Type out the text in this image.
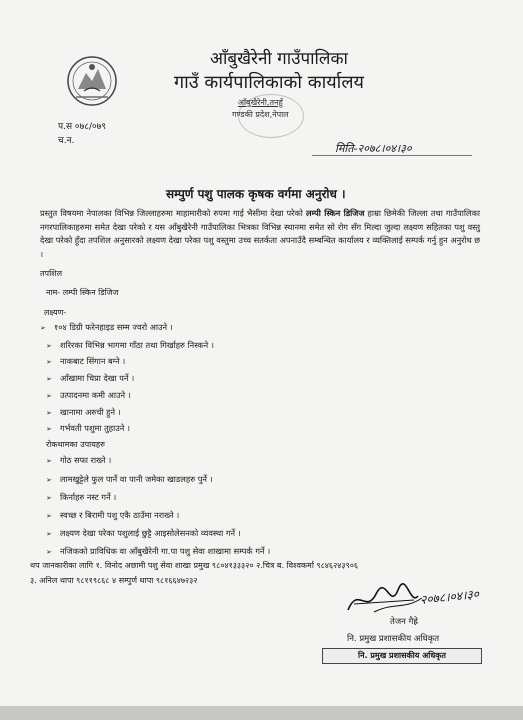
आँबुखैरेनी गाउँपालिका
गाउँ कार्यपालिकाको कार्यालय
आँबुखैरेनी,तनहुँ
गण्डकी प्रदेश,नेपाल
प.स ०७८/०७९
च.न.
मिति-२०७८।०४।३०
सम्पुर्ण पशु पालक कृषक वर्गमा अनुरोध ।
प्रस्तुत विषयमा नेपालका विभिन्न जिल्लाहरुमा माहामारीको रुपमा गाई भैसीमा देखा परेको लम्पी स्किन डिजिज हाम्रा छिमेकी जिल्ला तथा गाउँपालिका नगरपालिकाहरुमा समेत देखा परेको र यस आँबुखैरेनी गाउँपालिका भित्रका विभिन्न स्थानमा समेत सो रोग सँग मिल्दा जुल्दा लक्ष्यण सहितका पशु वस्तु देखा परेको हुँदा तपशिल अनुसारको लक्ष्यण देखा परेका पशु वस्तुमा उच्च सतर्कता अपनाउँदै सम्बन्धित कार्यालय र व्यक्तिलाई सम्पर्क गर्नु हुन अनुरोध छ ।
तपशिल
नाम- लम्पी स्किन डिजिज
लक्ष्यण-
➢ १०४ डिग्री फरेनहाइड सम्म ज्वरो आउने ।
➢ शरिरका विभिन्न भागमा गाँठा तथा गिर्खाहरु निस्कने ।
➢ नाकबाट सिंगान बग्ने ।
➢ आँखामा चिप्रा देखा पर्ने ।
➢ उत्पादनमा कमी आउने ।
➢ खानामा अरुची हुने ।
➢ गर्भवती पशुमा तुहाउने ।
रोकथामका उपायहरु
➢ गोठ सफा राख्ने ।
➢ लामखुट्टेले फुल पार्ने वा पानी जमेका खाडलहरु पुर्ने ।
➢ किर्नाहरु नस्ट गर्ने ।
➢ स्वच्छ र बिरामी पशु एकै ठाउँमा नराख्ने ।
➢ लक्ष्यण देखा परेका पशुलाई छुट्टै आइसोलेसनको व्यवस्था गर्ने ।
➢ नजिकको प्राविधिक वा आँबुखैरेनी गा.पा पशु सेवा शाखामा सम्पर्क गर्ने ।
थप जानकारीका लागि १. विनोद अछामी पशु सेवा शाखा प्रमुख ९८०४१३३३२० २.चित्र ब. विश्वकर्मा ९८४६२४३९०६
३. अनिल थापा ९८११९८६८ ४ सम्पुर्ण थापा ९८१६६४७२३२
२०७८।०४।३०
तेजन गैह्रे
नि. प्रमुख प्रशासकीय अधिकृत
नि. प्रमुख प्रशासकीय अधिकृत
